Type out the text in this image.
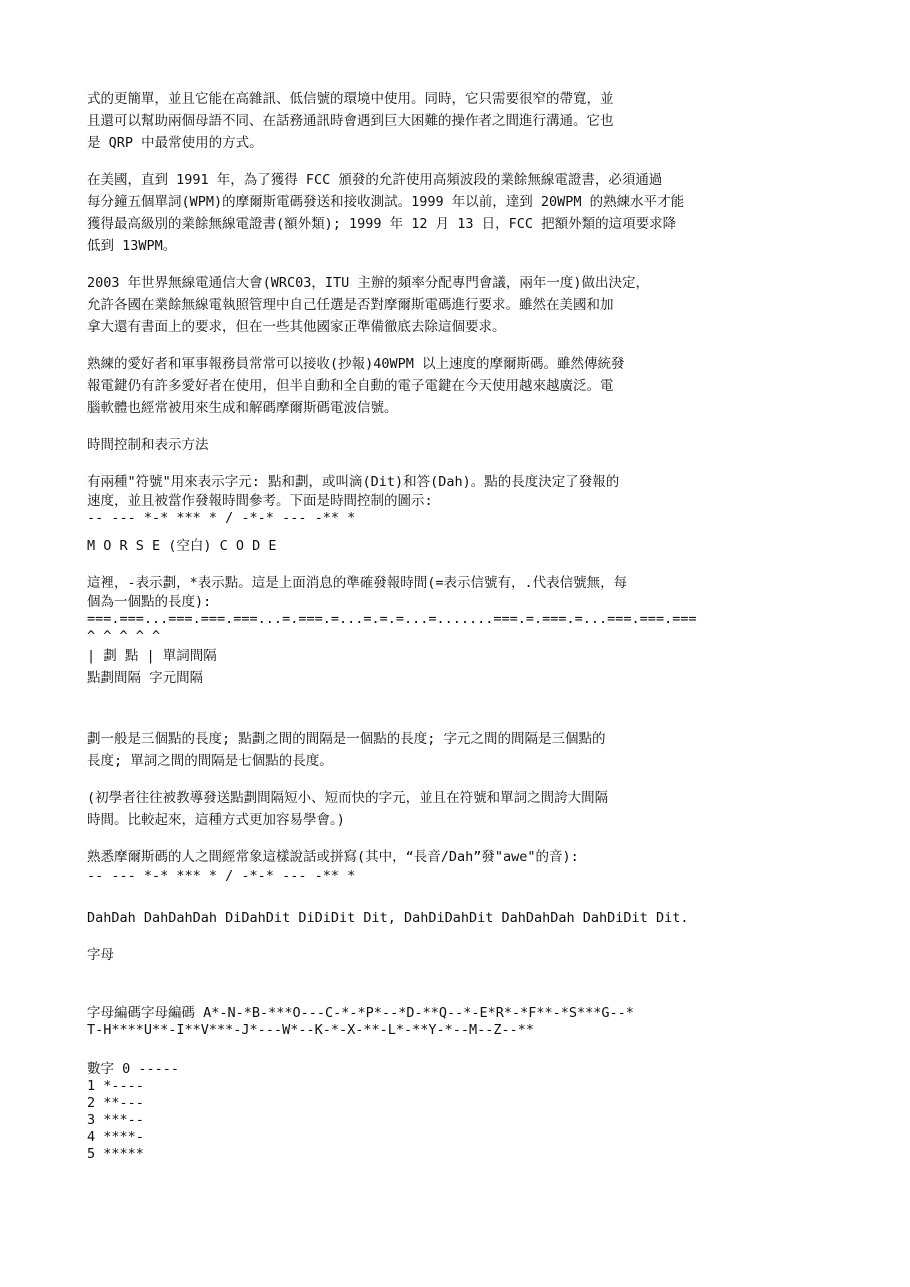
式的更簡單，並且它能在高雜訊、低信號的環境中使用。同時，它只需要很窄的帶寬，並
且還可以幫助兩個母語不同、在話務通訊時會遇到巨大困難的操作者之間進行溝通。它也
是 QRP 中最常使用的方式。
在美國，直到 1991 年，為了獲得 FCC 頒發的允許使用高頻波段的業餘無線電證書，必須通過
每分鐘五個單詞(WPM)的摩爾斯電碼發送和接收測試。1999 年以前，達到 20WPM 的熟練水平才能
獲得最高級別的業餘無線電證書(額外類); 1999 年 12 月 13 日，FCC 把額外類的這項要求降
低到 13WPM。
2003 年世界無線電通信大會(WRC03，ITU 主辦的頻率分配專門會議，兩年一度)做出決定，
允許各國在業餘無線電執照管理中自己任選是否對摩爾斯電碼進行要求。雖然在美國和加
拿大還有書面上的要求，但在一些其他國家正準備徹底去除這個要求。
熟練的愛好者和軍事報務員常常可以接收(抄報)40WPM 以上速度的摩爾斯碼。雖然傳統發
報電鍵仍有許多愛好者在使用，但半自動和全自動的電子電鍵在今天使用越來越廣泛。電
腦軟體也經常被用來生成和解碼摩爾斯碼電波信號。
時間控制和表示方法
有兩種"符號"用來表示字元: 點和劃，或叫滴(Dit)和答(Dah)。點的長度決定了發報的
速度，並且被當作發報時間參考。下面是時間控制的圖示:
-- --- *-* *** * / -*-* --- -** *
M O R S E (空白) C O D E
這裡，-表示劃，*表示點。這是上面消息的準確發報時間(=表示信號有，.代表信號無，每
個為一個點的長度):
===.===...===.===.===...=.===.=...=.=.=...=.......===.=.===.=...===.===.===
^ ^ ^ ^ ^
| 劃 點 | 單詞間隔
點劃間隔 字元間隔
劃一般是三個點的長度; 點劃之間的間隔是一個點的長度; 字元之間的間隔是三個點的
長度; 單詞之間的間隔是七個點的長度。
(初學者往往被教導發送點劃間隔短小、短而快的字元，並且在符號和單詞之間誇大間隔
時間。比較起來，這種方式更加容易學會。)
熟悉摩爾斯碼的人之間經常象這樣說話或拼寫(其中，“長音/Dah”發"awe"的音):
-- --- *-* *** * / -*-* --- -** *
DahDah DahDahDah DiDahDit DiDiDit Dit, DahDiDahDit DahDahDah DahDiDit Dit.
字母
字母編碼字母編碼 A*-N-*B-***O---C-*-*P*--*D-**Q--*-E*R*-*F**-*S***G--*
T-H****U**-I**V***-J*---W*--K-*-X-**-L*-**Y-*--M--Z--**
數字 0 -----
1 *----
2 **---
3 ***--
4 ****-
5 *****
